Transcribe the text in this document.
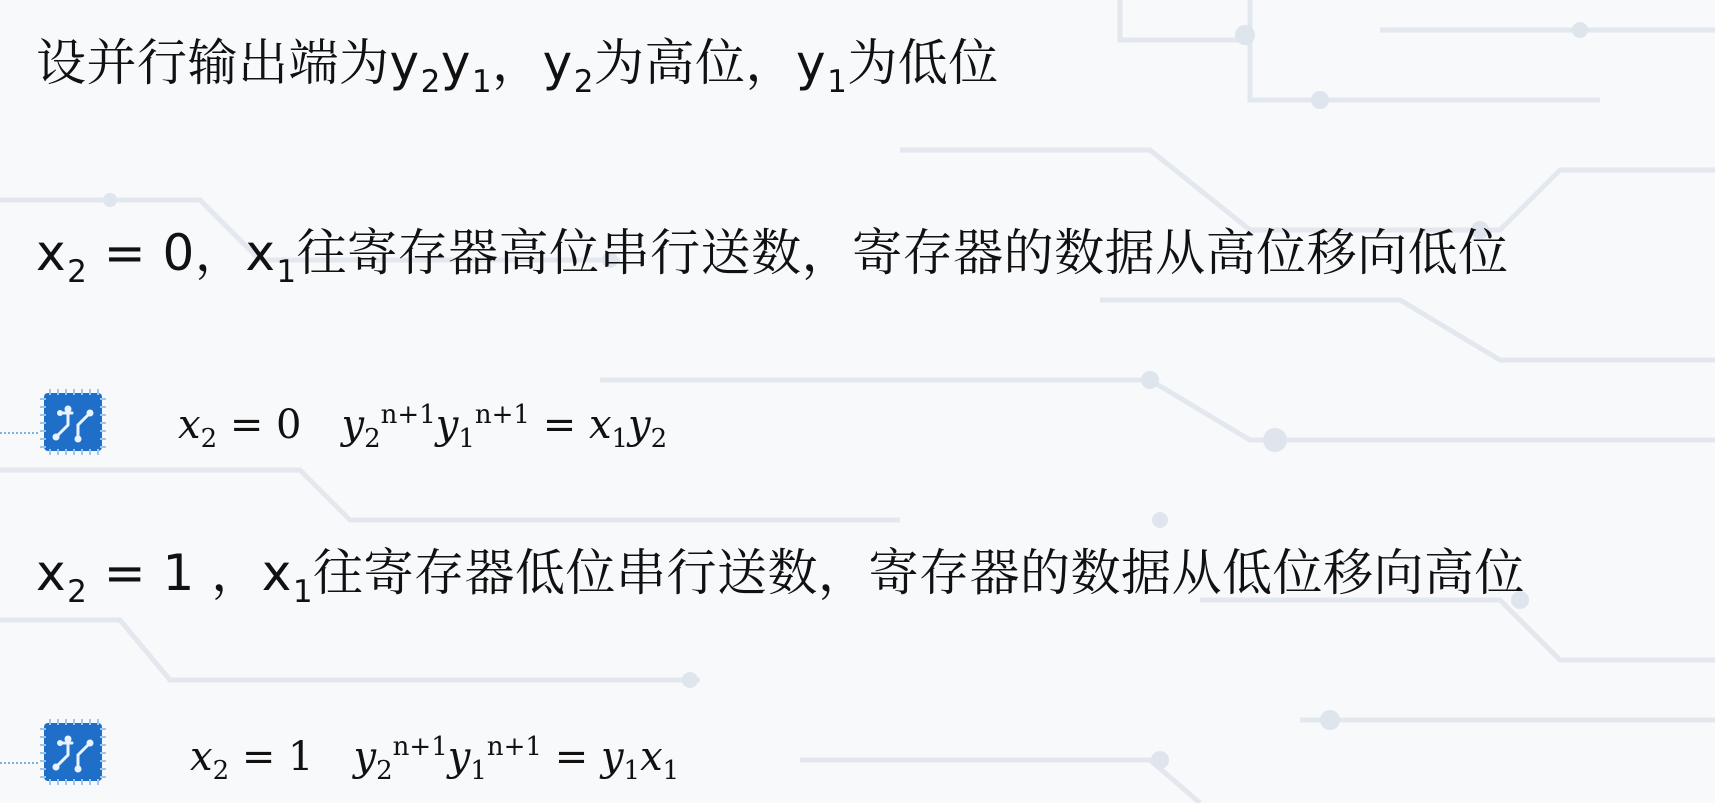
设并行输出端为$y_2y_1$，$y_2$为高位，$y_1$为低位
$x_2 = 0$，$x_1$往寄存器高位串行送数，寄存器的数据从高位移向低位
$x_2 = 0$ $y_2^{n+1}y_1^{n+1} = x_1y_2$
$x_2 = 1$ ，$x_1$往寄存器低位串行送数，寄存器的数据从低位移向高位
$x_2 = 1$ $y_2^{n+1}y_1^{n+1} = y_1x_1$
